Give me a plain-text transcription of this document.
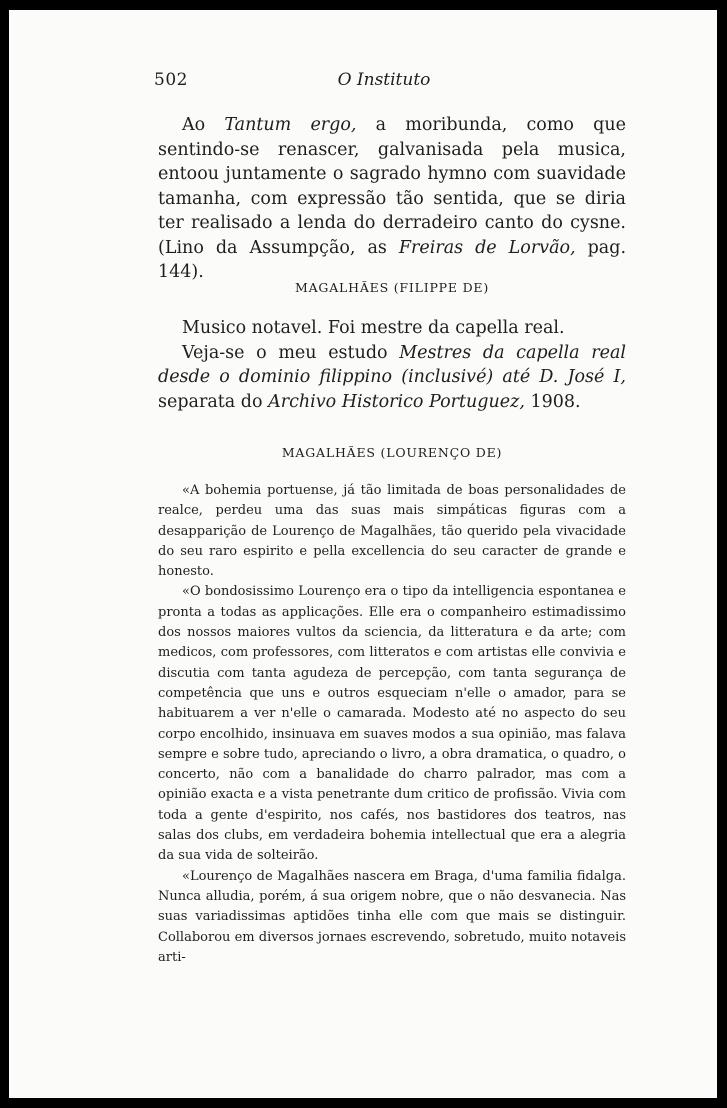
502	O Instituto

Ao Tantum ergo, a moribunda, como que sentindo-se renascer, galvanisada pela musica, entoou juntamente o sagrado hymno com suavidade tamanha, com expressão tão sentida, que se diria ter realisado a lenda do derradeiro canto do cysne. (Lino da Assumpção, as Freiras de Lorvão, pag. 144).

MAGALHÃES (FILIPPE DE)

Musico notavel. Foi mestre da capella real.

Veja-se o meu estudo Mestres da capella real desde o dominio filippino (inclusivé) até D. José I, separata do Archivo Historico Portuguez, 1908.

MAGALHÃES (LOURENÇO DE)

«A bohemia portuense, já tão limitada de boas personalidades de realce, perdeu uma das suas mais simpáticas figuras com a desapparição de Lourenço de Magalhães, tão querido pela vivacidade do seu raro espirito e pella excellencia do seu caracter de grande e honesto.

«O bondosissimo Lourenço era o tipo da intelligencia espontanea e pronta a todas as applicações. Elle era o companheiro estimadissimo dos nossos maiores vultos da sciencia, da litteratura e da arte; com medicos, com professores, com litteratos e com artistas elle convivia e discutia com tanta agudeza de percepção, com tanta segurança de competência que uns e outros esqueciam n'elle o amador, para se habituarem a ver n'elle o camarada. Modesto até no aspecto do seu corpo encolhido, insinuava em suaves modos a sua opinião, mas falava sempre e sobre tudo, apreciando o livro, a obra dramatica, o quadro, o concerto, não com a banalidade do charro palrador, mas com a opinião exacta e a vista penetrante dum critico de profissão. Vivia com toda a gente d'espirito, nos cafés, nos bastidores dos teatros, nas salas dos clubs, em verdadeira bohemia intellectual que era a alegria da sua vida de solteirão.

«Lourenço de Magalhães nascera em Braga, d'uma familia fidalga. Nunca alludia, porém, á sua origem nobre, que o não desvanecia. Nas suas variadissimas aptidões tinha elle com que mais se distinguir. Collaborou em diversos jornaes escrevendo, sobretudo, muito notaveis arti-
